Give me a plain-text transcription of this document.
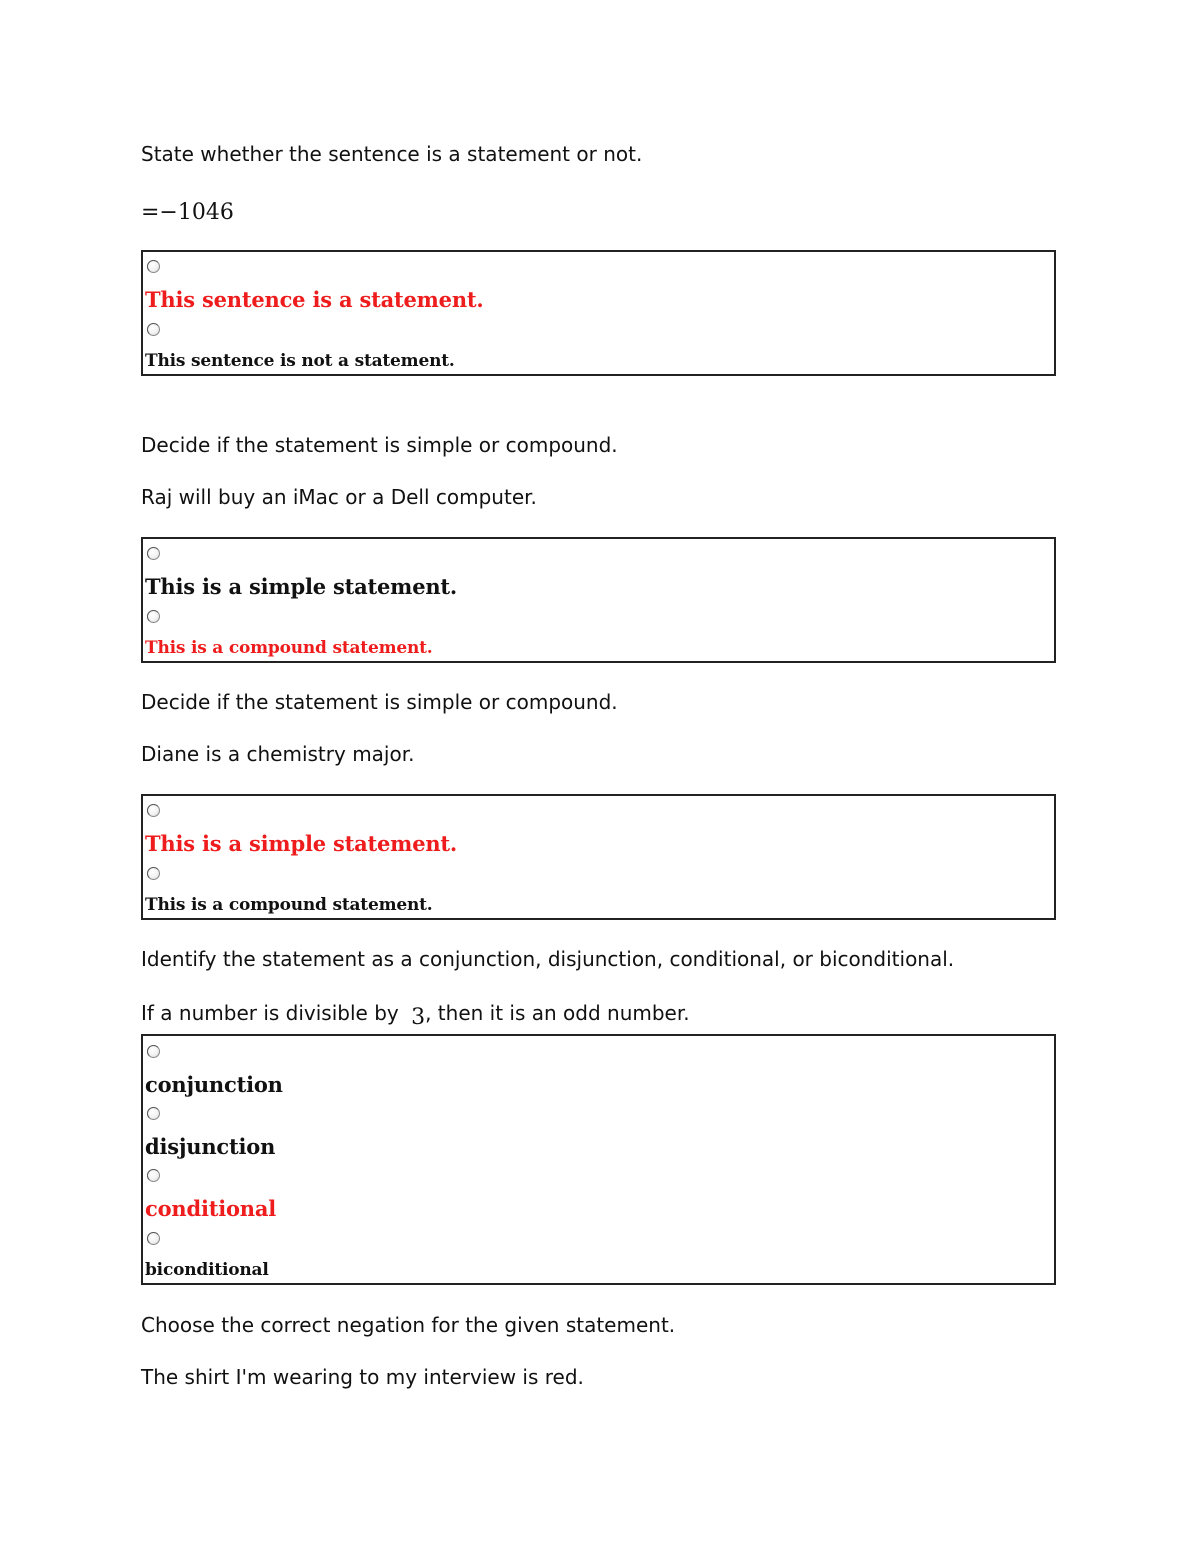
State whether the sentence is a statement or not.
=−1046
This sentence is a statement.
This sentence is not a statement.
Decide if the statement is simple or compound.
Raj will buy an iMac or a Dell computer.
This is a simple statement.
This is a compound statement.
Decide if the statement is simple or compound.
Diane is a chemistry major.
This is a simple statement.
This is a compound statement.
Identify the statement as a conjunction, disjunction, conditional, or biconditional.
If a number is divisible by 3, then it is an odd number.
conjunction
disjunction
conditional
biconditional
Choose the correct negation for the given statement.
The shirt I'm wearing to my interview is red.
